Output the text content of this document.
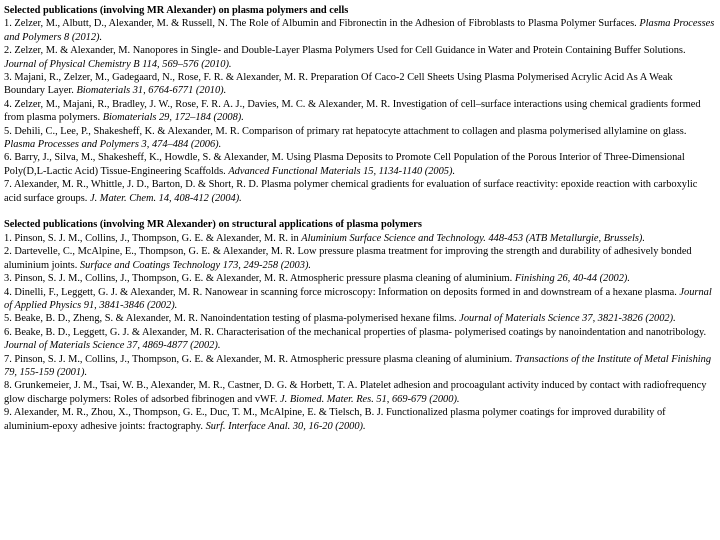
Selected publications (involving MR Alexander) on plasma polymers and cells

1. Zelzer, M., Albutt, D., Alexander, M. & Russell, N. The Role of Albumin and Fibronectin in the Adhesion of Fibroblasts to Plasma Polymer Surfaces. Plasma Processes and Polymers 8 (2012).

2. Zelzer, M. & Alexander, M. Nanopores in Single- and Double-Layer Plasma Polymers Used for Cell Guidance in Water and Protein Containing Buffer Solutions. Journal of Physical Chemistry B 114, 569–576 (2010).

3. Majani, R., Zelzer, M., Gadegaard, N., Rose, F. R. & Alexander, M. R. Preparation Of Caco-2 Cell Sheets Using Plasma Polymerised Acrylic Acid As A Weak Boundary Layer. Biomaterials 31, 6764-6771 (2010).

4. Zelzer, M., Majani, R., Bradley, J. W., Rose, F. R. A. J., Davies, M. C. & Alexander, M. R. Investigation of cell–surface interactions using chemical gradients formed from plasma polymers. Biomaterials 29, 172–184 (2008).

5. Dehili, C., Lee, P., Shakesheff, K. & Alexander, M. R. Comparison of primary rat hepatocyte attachment to collagen and plasma polymerised allylamine on glass. Plasma Processes and Polymers 3, 474–484 (2006).

6. Barry, J., Silva, M., Shakesheff, K., Howdle, S. & Alexander, M. Using Plasma Deposits to Promote Cell Population of the Porous Interior of Three-Dimensional Poly(D,L-Lactic Acid) Tissue-Engineering Scaffolds. Advanced Functional Materials 15, 1134-1140 (2005).

7. Alexander, M. R., Whittle, J. D., Barton, D. & Short, R. D. Plasma polymer chemical gradients for evaluation of surface reactivity: epoxide reaction with carboxylic acid surface groups. J. Mater. Chem. 14, 408-412 (2004).

Selected publications (involving MR Alexander) on structural applications of plasma polymers

1. Pinson, S. J. M., Collins, J., Thompson, G. E. & Alexander, M. R. in Aluminium Surface Science and Technology. 448-453 (ATB Metallurgie, Brussels).

2. Dartevelle, C., McAlpine, E., Thompson, G. E. & Alexander, M. R. Low pressure plasma treatment for improving the strength and durability of adhesively bonded aluminium joints. Surface and Coatings Technology 173, 249-258 (2003).

3. Pinson, S. J. M., Collins, J., Thompson, G. E. & Alexander, M. R. Atmospheric pressure plasma cleaning of aluminium. Finishing 26, 40-44 (2002).

4. Dinelli, F., Leggett, G. J. & Alexander, M. R. Nanowear in scanning force microscopy: Information on deposits formed in and downstream of a hexane plasma. Journal of Applied Physics 91, 3841-3846 (2002).

5. Beake, B. D., Zheng, S. & Alexander, M. R. Nanoindentation testing of plasma-polymerised hexane films. Journal of Materials Science 37, 3821-3826 (2002).

6. Beake, B. D., Leggett, G. J. & Alexander, M. R. Characterisation of the mechanical properties of plasma- polymerised coatings by nanoindentation and nanotribology. Journal of Materials Science 37, 4869-4877 (2002).

7. Pinson, S. J. M., Collins, J., Thompson, G. E. & Alexander, M. R. Atmospheric pressure plasma cleaning of aluminium. Transactions of the Institute of Metal Finishing 79, 155-159 (2001).

8. Grunkemeier, J. M., Tsai, W. B., Alexander, M. R., Castner, D. G. & Horbett, T. A. Platelet adhesion and procoagulant activity induced by contact with radiofrequency glow discharge polymers: Roles of adsorbed fibrinogen and vWF. J. Biomed. Mater. Res. 51, 669-679 (2000).

9. Alexander, M. R., Zhou, X., Thompson, G. E., Duc, T. M., McAlpine, E. & Tielsch, B. J. Functionalized plasma polymer coatings for improved durability of aluminium-epoxy adhesive joints: fractography. Surf. Interface Anal. 30, 16-20 (2000).
